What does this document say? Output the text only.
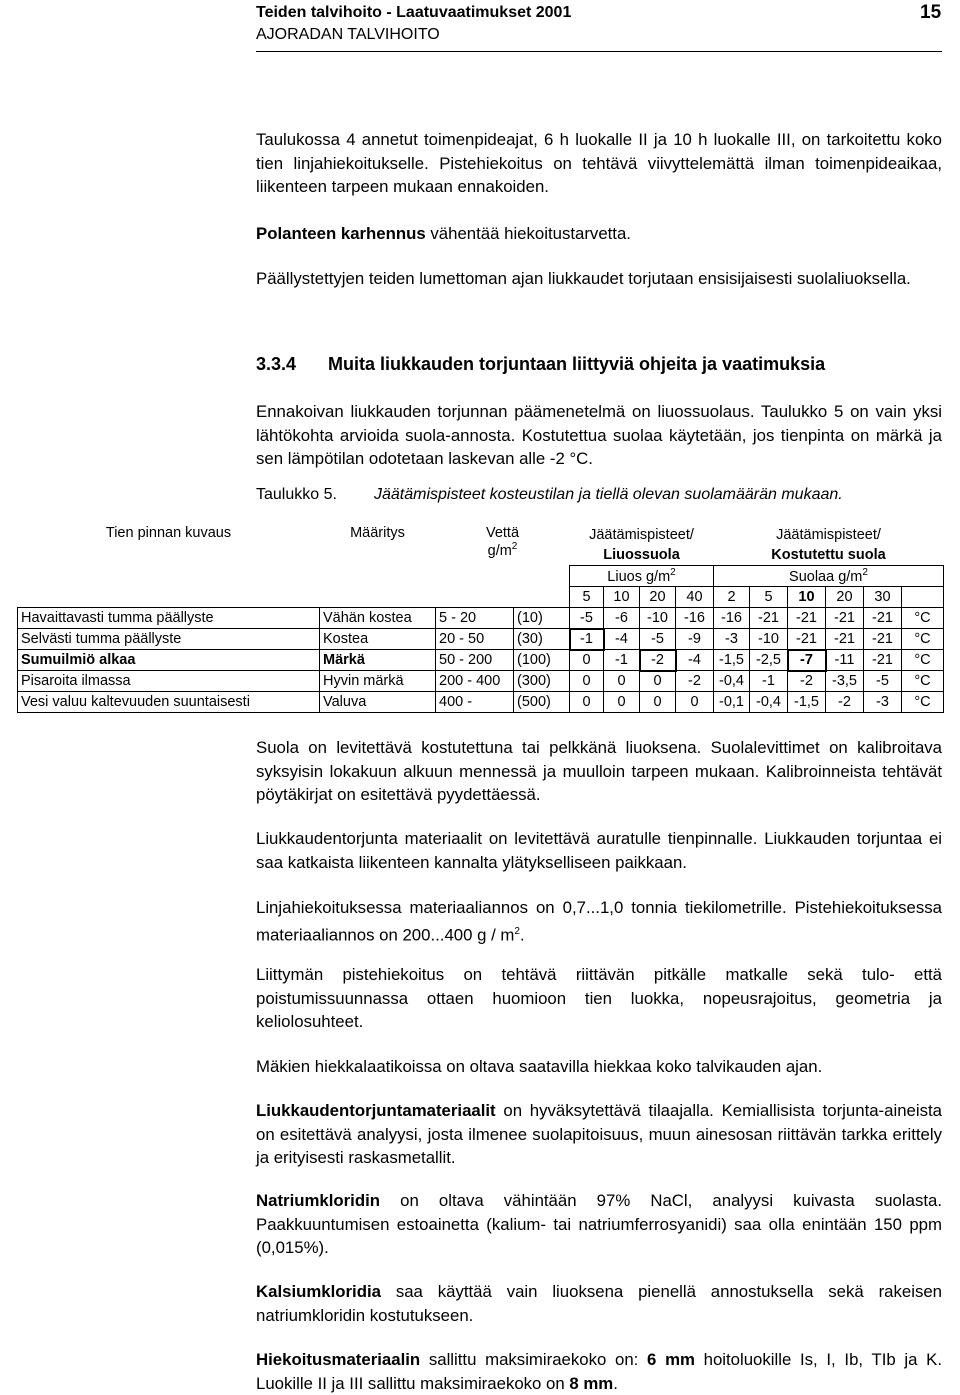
Teiden talvihoito - Laatuvaatimukset 2001
AJORADAN TALVIHOITO
15

Taulukossa 4 annetut toimenpideajat, 6 h luokalle II ja 10 h luokalle III, on tarkoitettu koko tien linjahiekoitukselle. Pistehiekoitus on tehtävä viivyttelemättä ilman toimenpideaikaa, liikenteen tarpeen mukaan ennakoiden.

Polanteen karhennus vähentää hiekoitustarvetta.

Päällystettyjen teiden lumettoman ajan liukkaudet torjutaan ensisijaisesti suolaliuoksella.

3.3.4 Muita liukkauden torjuntaan liittyviä ohjeita ja vaatimuksia

Ennakoivan liukkauden torjunnan päämenetelmä on liuossuolaus. Taulukko 5 on vain yksi lähtökohta arvioida suola-annosta. Kostutettua suolaa käytetään, jos tienpinta on märkä ja sen lämpötilan odotetaan laskevan alle -2 °C.

Taulukko 5. Jäätämispisteet kosteustilan ja tiellä olevan suolamäärän mukaan.
Tien pinnan kuvaus	Määritys	Vettä
$g/m^2$		Jäätämispisteet/				Jäätämispisteet/					
				Liuossuola				Kostutettu suola					
				Liuos $g/m^2$				Suolaa $g/m^2$
				5	10	20	40	2	5	10	20	30	
Havaittavasti tumma päällyste	Vähän kostea	5 - 20	(10)	-5	-6	-10	-16	-16	-21	-21	-21	-21	°C
Selvästi tumma päällyste	Kostea	20 - 50	(30)	-1	-4	-5	-9	-3	-10	-21	-21	-21	°C
Sumuilmiö alkaa	Märkä	50 - 200	(100)	0	-1	-2	-4	-1,5	-2,5	-7	-11	-21	°C
Pisaroita ilmassa	Hyvin märkä	200 - 400	(300)	0	0	0	-2	-0,4	-1	-2	-3,5	-5	°C
Vesi valuu kaltevuuden suuntaisesti	Valuva	400 -	(500)	0	0	0	0	-0,1	-0,4	-1,5	-2	-3	°C

Suola on levitettävä kostutettuna tai pelkkänä liuoksena. Suolalevittimet on kalibroitava syksyisin lokakuun alkuun mennessä ja muulloin tarpeen mukaan. Kalibroinneista tehtävät pöytäkirjat on esitettävä pyydettäessä.

Liukkaudentorjunta materiaalit on levitettävä auratulle tienpinnalle. Liukkauden torjuntaa ei saa katkaista liikenteen kannalta ylätykselliseen paikkaan.

Linjahiekoituksessa materiaaliannos on 0,7...1,0 tonnia tiekilometrille. Pistehiekoituksessa materiaaliannos on 200...400 g / $m^2$.

Liittymän pistehiekoitus on tehtävä riittävän pitkälle matkalle sekä tulo- että poistumissuunnassa ottaen huomioon tien luokka, nopeusrajoitus, geometria ja keliolosuhteet.

Mäkien hiekkalaatikoissa on oltava saatavilla hiekkaa koko talvikauden ajan.

Liukkaudentorjuntamateriaalit on hyväksytettävä tilaajalla. Kemiallisista torjunta-aineista on esitettävä analyysi, josta ilmenee suolapitoisuus, muun ainesosan riittävän tarkka erittely ja erityisesti raskasmetallit.

Natriumkloridin on oltava vähintään 97% NaCl, analyysi kuivasta suolasta. Paakkuuntumisen estoainetta (kalium- tai natriumferrosyanidi) saa olla enintään 150 ppm (0,015%).

Kalsiumkloridia saa käyttää vain liuoksena pienellä annostuksella sekä rakeisen natriumkloridin kostutukseen.

Hiekoitusmateriaalin sallittu maksimiraekoko on: 6 mm hoitoluokille Is, I, Ib, TIb ja K. Luokille II ja III sallittu maksimiraekoko on 8 mm.
